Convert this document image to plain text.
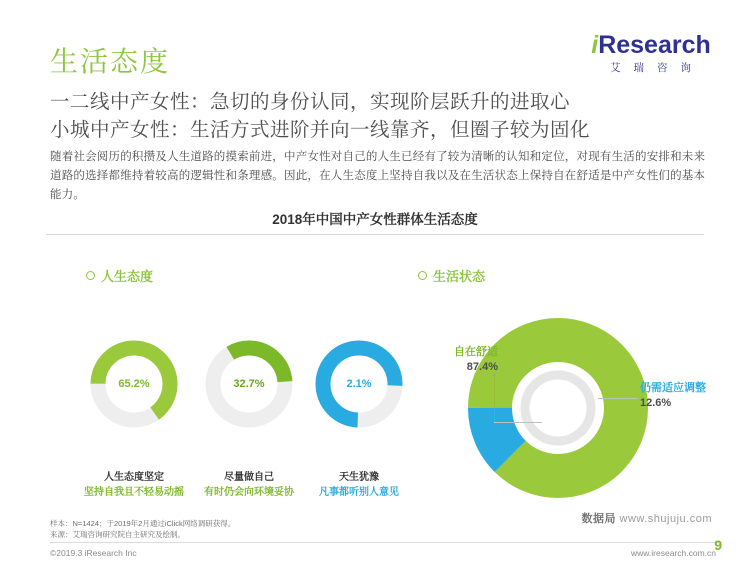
iResearch
艾 瑞 咨 询
生活态度
一二线中产女性：急切的身份认同，实现阶层跃升的进取心
小城中产女性：生活方式进阶并向一线靠齐，但圈子较为固化
随着社会阅历的积攒及人生道路的摸索前进，中产女性对自己的人生已经有了较为清晰的认知和定位，对现有生活的安排和未来道路的选择都维持着较高的逻辑性和条理感。因此，在人生态度上坚持自我以及在生活状态上保持自在舒适是中产女性们的基本能力。
2018年中国中产女性群体生活态度
人生态度	生活状态
65.2%
人生态度坚定
坚持自我且不轻易动摇
32.7%
尽量做自己
有时仍会向环境妥协
2.1%
天生犹豫
凡事都听别人意见
自在舒适
87.4%
仍需适应调整
12.6%
数据局 www.shujuju.com
样本：N=1424；于2019年2月通过iClick网络调研获得。
来源：艾瑞咨询研究院自主研究及绘制。
©2019.3 iResearch Inc	www.iresearch.com.cn
9
